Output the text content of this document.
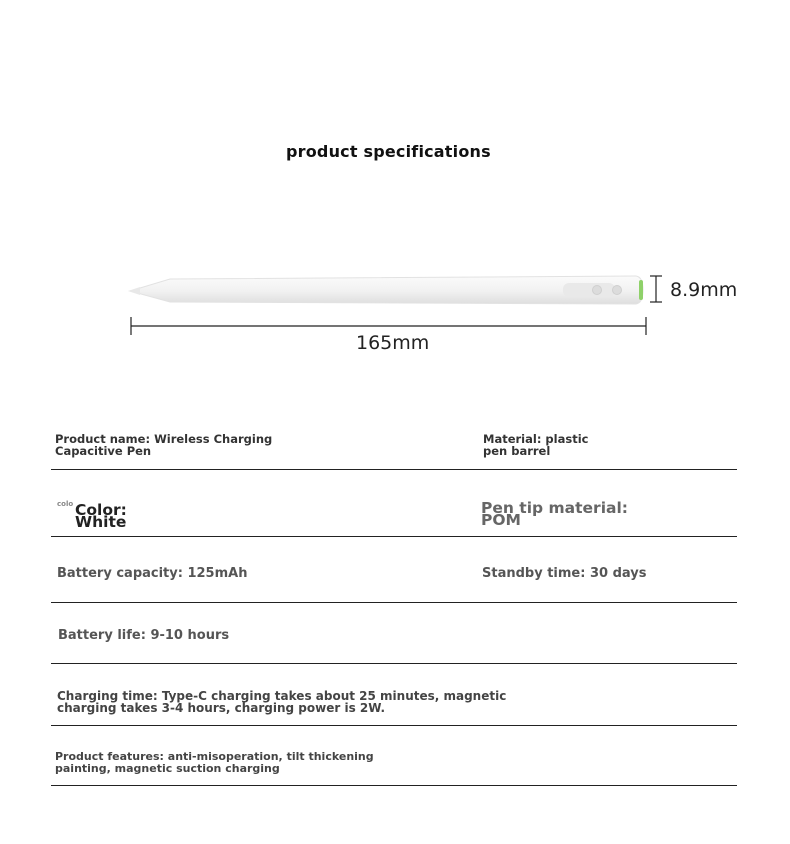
product specifications
8.9mm
165mm
Product name: Wireless Charging
Capacitive Pen
Material: plastic
pen barrel
colo Color:
White
Pen tip material:
POM
Battery capacity: 125mAh	Standby time: 30 days
Battery life: 9-10 hours
Charging time: Type-C charging takes about 25 minutes, magnetic
charging takes 3-4 hours, charging power is 2W.
Product features: anti-misoperation, tilt thickening
painting, magnetic suction charging
